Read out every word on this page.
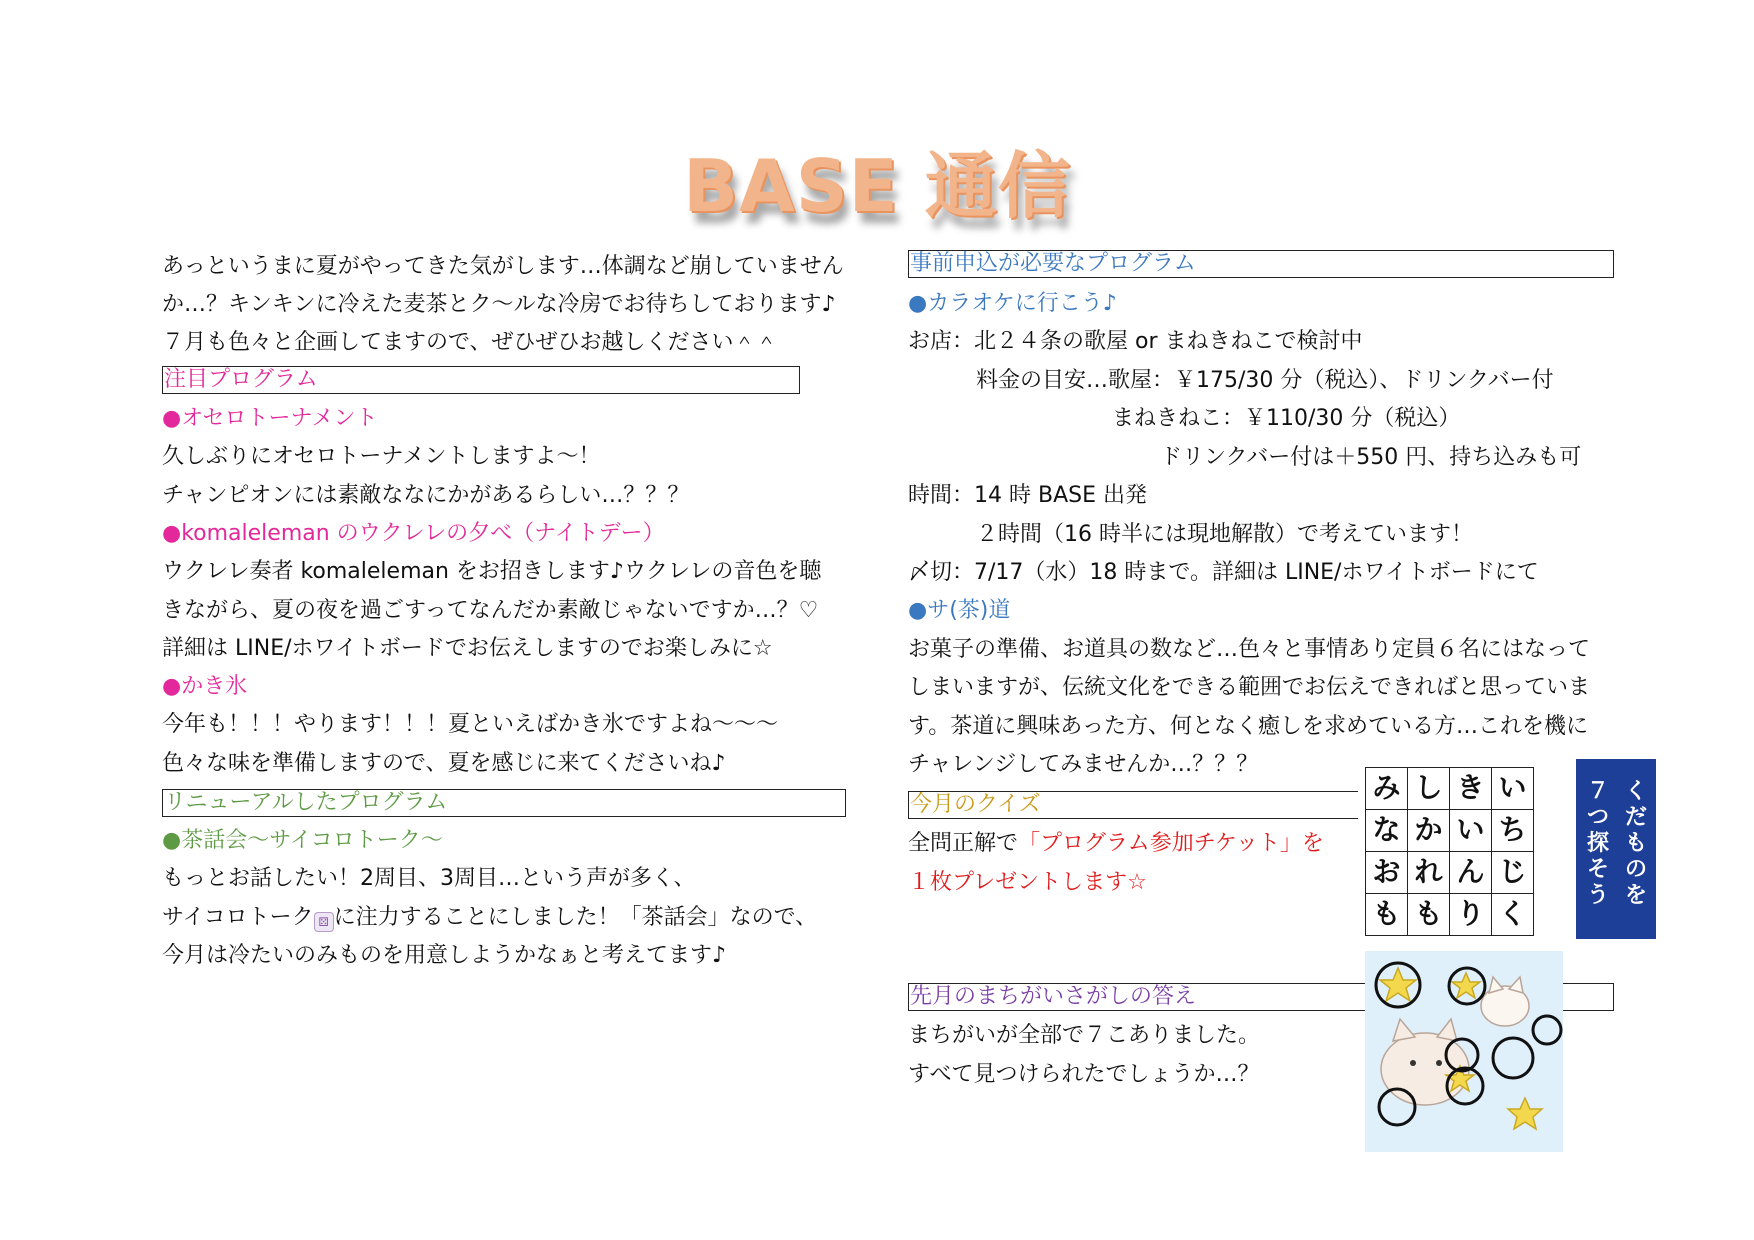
BASE 通信
あっというまに夏がやってきた気がします…体調など崩していません
か…？キンキンに冷えた麦茶とク～ルな冷房でお待ちしております♪
７月も色々と企画してますので、ぜひぜひお越しください＾＾
注目プログラム
●オセロトーナメント
久しぶりにオセロトーナメントしますよ～！
チャンピオンには素敵ななにかがあるらしい…？？？
●komaleleman のウクレレの夕べ（ナイトデー）
ウクレレ奏者 komaleleman をお招きします♪ウクレレの音色を聴
きながら、夏の夜を過ごすってなんだか素敵じゃないですか…？♡
詳細は LINE/ホワイトボードでお伝えしますのでお楽しみに☆
●かき氷
今年も！！！やります！！！夏といえばかき氷ですよね～～～
色々な味を準備しますので、夏を感じに来てくださいね♪
リニューアルしたプログラム
●茶話会～サイコロトーク～
もっとお話したい！2周目、3周目…という声が多く、
サイコロトーク ⚄ に注力することにしました！「茶話会」なので、
今月は冷たいのみものを用意しようかなぁと考えてます♪
事前申込が必要なプログラム
●カラオケに行こう♪
お店：北２４条の歌屋 or まねきねこで検討中
料金の目安…歌屋：￥175/30 分（税込）、ドリンクバー付
まねきねこ：￥110/30 分（税込）
ドリンクバー付は＋550 円、持ち込みも可
時間：14 時 BASE 出発
２時間（16 時半には現地解散）で考えています！
〆切：7/17（水）18 時まで。詳細は LINE/ホワイトボードにて
●サ(茶)道
お菓子の準備、お道具の数など…色々と事情あり定員６名にはなって
しまいますが、伝統文化をできる範囲でお伝えできればと思っていま
す。茶道に興味あった方、何となく癒しを求めている方…これを機に
チャレンジしてみませんか…？？？
今月のクイズ
全問正解で「プログラム参加チケット」を
１枚プレゼントします☆
み し き い
な か い ち
お れ ん じ
も も り く
くだものを
７つ探そう
先月のまちがいさがしの答え
まちがいが全部で７こありました。
すべて見つけられたでしょうか…？
